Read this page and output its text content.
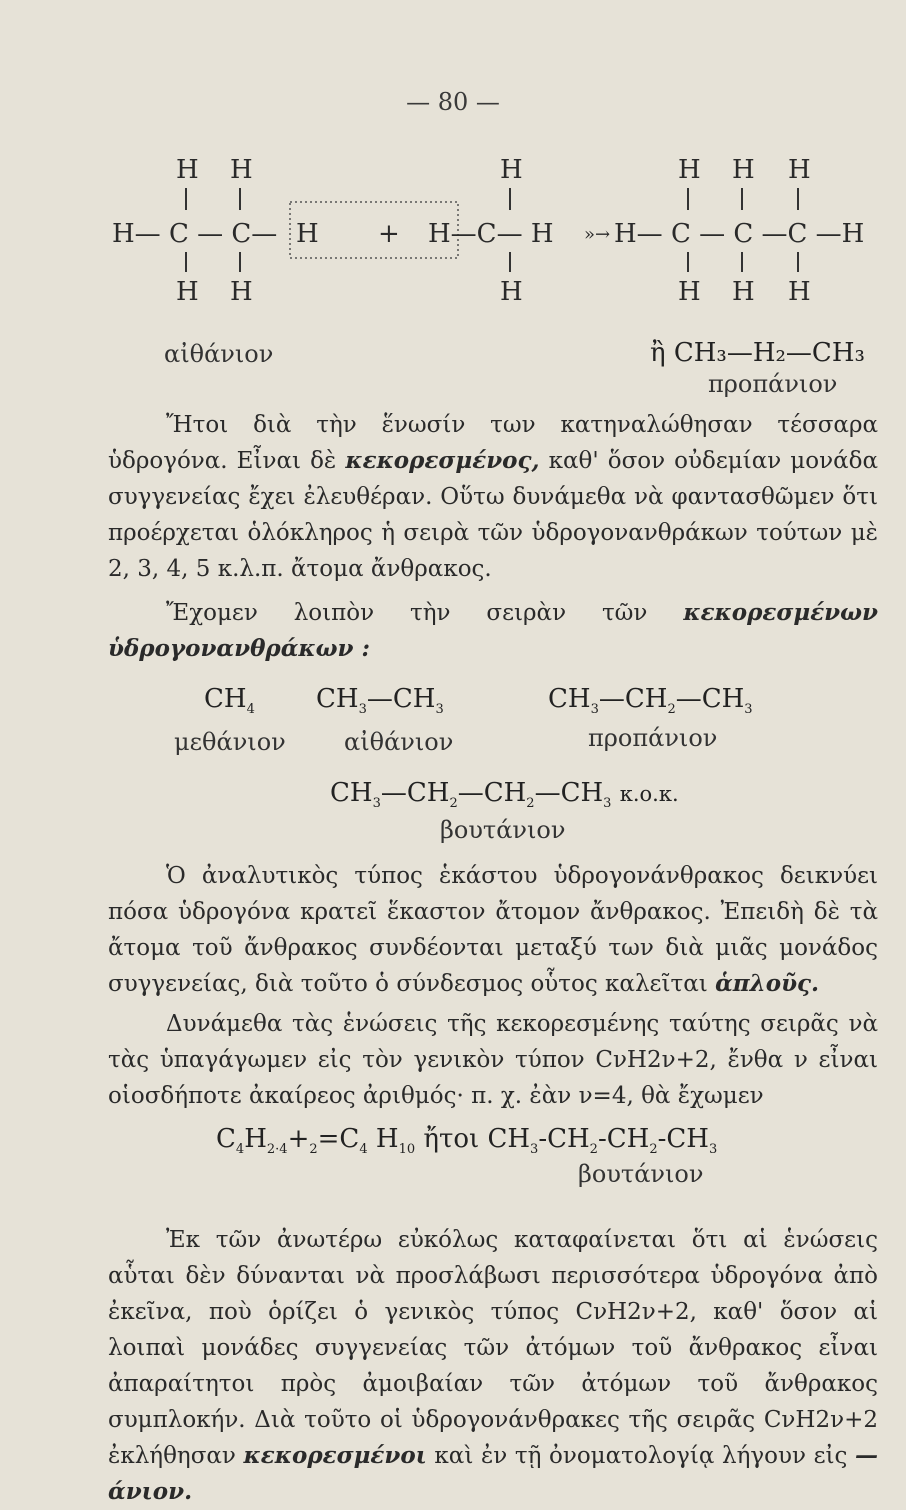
— 80 —
H H
H— C — C—
H H
H + H—C— H
H
H
»→
H H H
H— C — C —C —H
H H H
αἰθάνιον	ἢ CH₃—H₂—CH₃
προπάνιον

Ἤτοι διὰ τὴν ἕνωσίν των κατηναλώθησαν τέσσαρα ὑδρογόνα. Εἶναι δὲ κεκορεσμένος, καθ' ὅσον οὐδεμίαν μονάδα συγγενείας ἔχει ἐλευθέραν. Οὕτω δυνάμεθα νὰ φαντασθῶμεν ὅτι προέρχεται ὁλόκληρος ἡ σειρὰ τῶν ὑδρογονανθράκων τούτων μὲ 2, 3, 4, 5 κ.λ.π. ἄτομα ἄνθρακος.

Ἔχομεν λοιπὸν τὴν σειρὰν τῶν κεκορεσμένων ὑδρογονανθράκων :

$CH_4$ $CH_3—CH_3$	$CH_3—CH_2—CH_3$
μεθάνιον αἰθάνιον	προπάνιον
$CH_3—CH_2—CH_2—CH_3$ κ.ο.κ.
βουτάνιον

Ὁ ἀναλυτικὸς τύπος ἑκάστου ὑδρογονάνθρακος δεικνύει πόσα ὑδρογόνα κρατεῖ ἕκαστον ἄτομον ἄνθρακος. Ἐπειδὴ δὲ τὰ ἄτομα τοῦ ἄνθρακος συνδέονται μεταξύ των διὰ μιᾶς μονάδος συγγενείας, διὰ τοῦτο ὁ σύνδεσμος οὗτος καλεῖται ἁπλοῦς.

Δυνάμεθα τὰς ἑνώσεις τῆς κεκορεσμένης ταύτης σειρᾶς νὰ τὰς ὑπαγάγωμεν εἰς τὸν γενικὸν τύπον CνH2ν+2, ἔνθα ν εἶναι οἱοσδήποτε ἀκαίρεος ἀριθμός· π. χ. ἐὰν ν=4, θὰ ἔχωμεν

$C_4H_{2\cdot 4}+_2=C_4$ $H_{10}$ ἤτοι $CH_3-CH_2-CH_2-CH_3$
βουτάνιον

Ἐκ τῶν ἀνωτέρω εὐκόλως καταφαίνεται ὅτι αἱ ἑνώσεις αὗται δὲν δύνανται νὰ προσλάβωσι περισσότερα ὑδρογόνα ἀπὸ ἐκεῖνα, ποὺ ὁρίζει ὁ γενικὸς τύπος CνH2ν+2, καθ' ὅσον αἱ λοιπαὶ μονάδες συγγενείας τῶν ἀτόμων τοῦ ἄνθρακος εἶναι ἀπαραίτητοι πρὸς ἀμοιβαίαν τῶν ἀτόμων τοῦ ἄνθρακος συμπλοκήν. Διὰ τοῦτο οἱ ὑδρογονάνθρακες τῆς σειρᾶς CνH2ν+2 ἐκλήθησαν κεκορεσμένοι καὶ ἐν τῇ ὀνοματολογίᾳ λήγουν εἰς —άνιον.
